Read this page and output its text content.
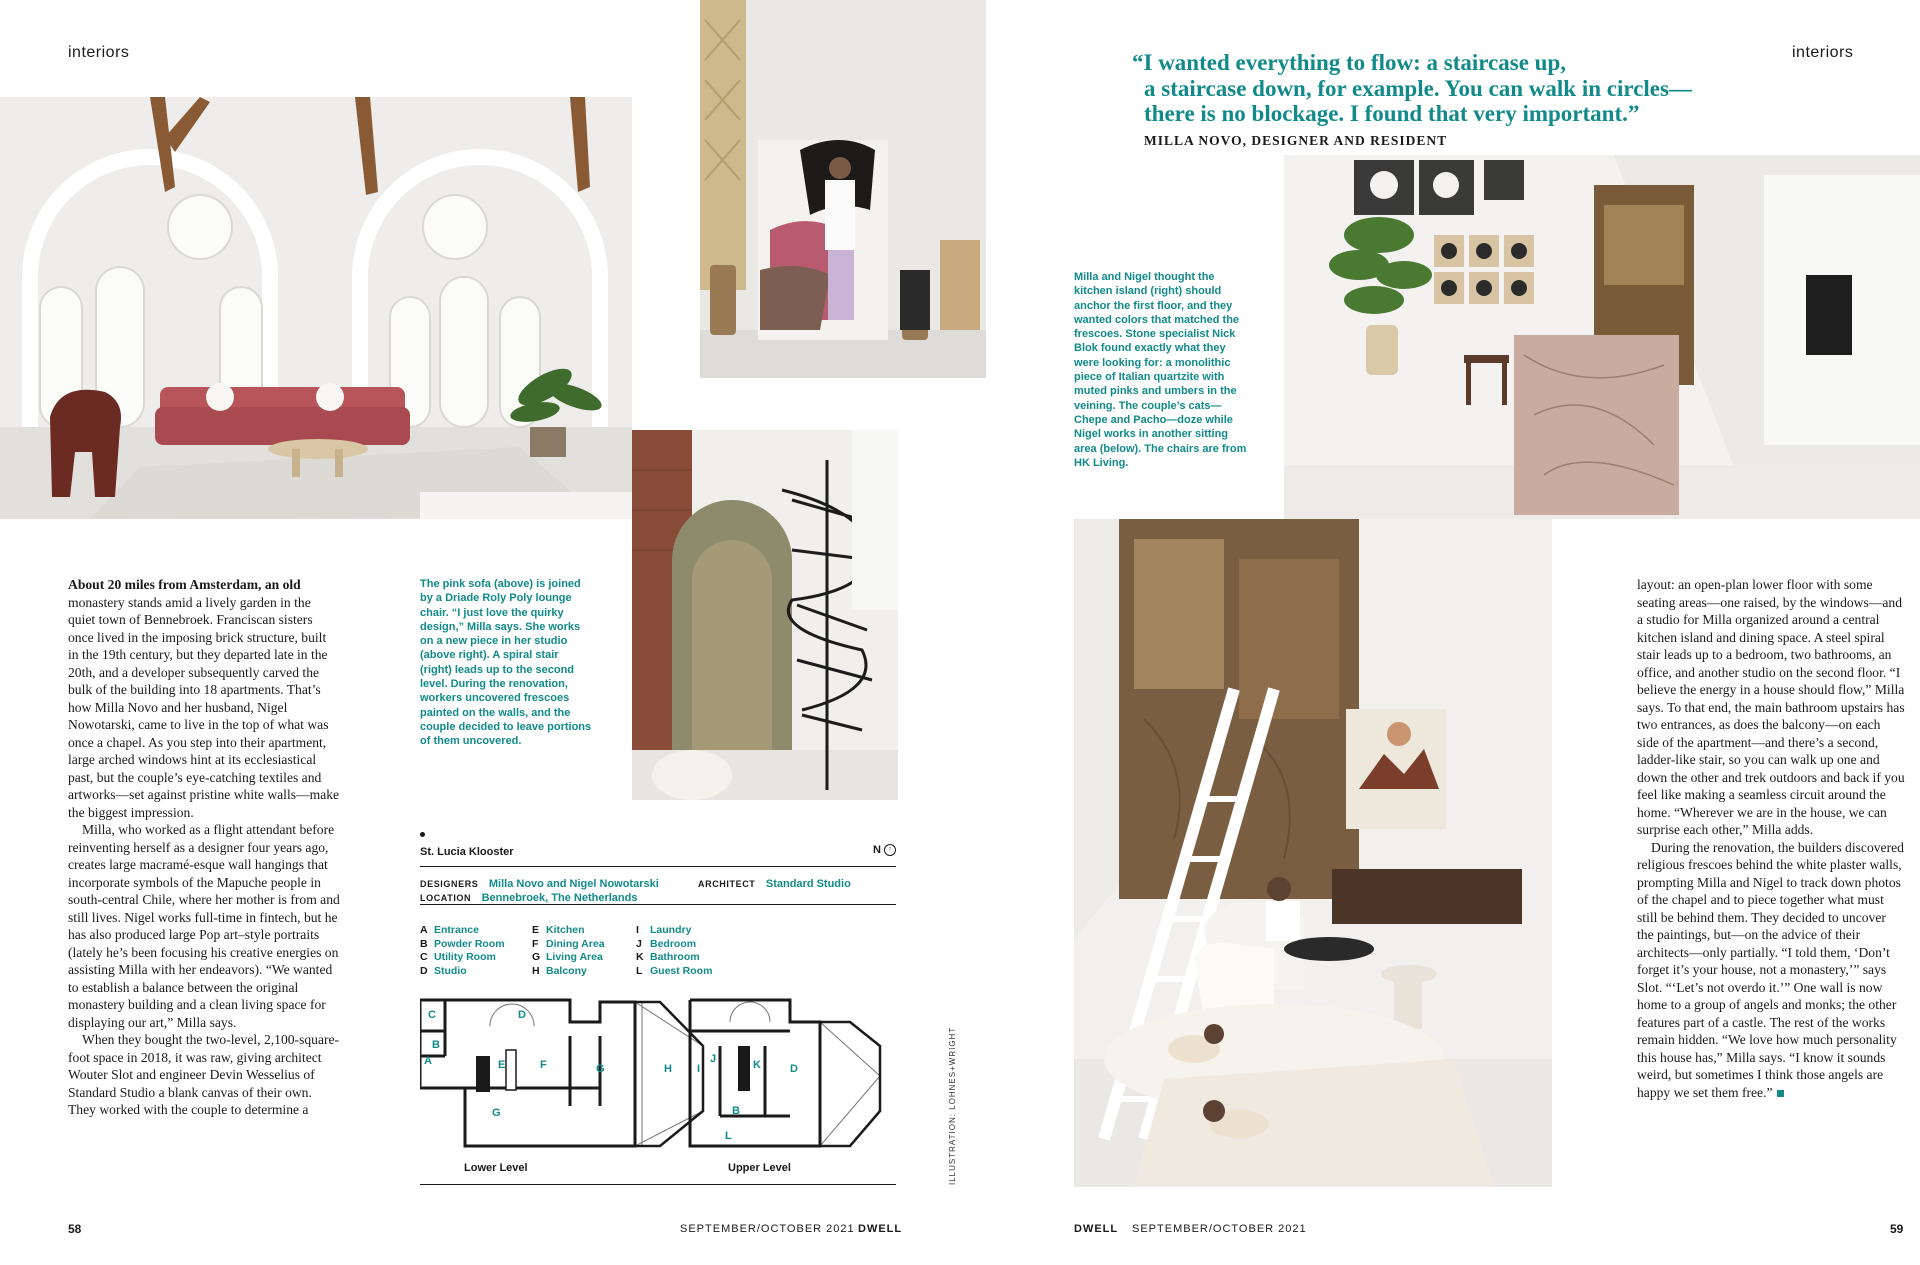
interiors

About 20 miles from Amsterdam, an old monastery stands amid a lively garden in the quiet town of Bennebroek. Franciscan sisters once lived in the imposing brick structure, built in the 19th century, but they departed late in the 20th, and a developer subsequently carved the bulk of the building into 18 apartments. That’s how Milla Novo and her husband, Nigel Nowotarski, came to live in the top of what was once a chapel. As you step into their apartment, large arched windows hint at its ecclesiastical past, but the couple’s eye-catching textiles and artworks—set against pristine white walls—make the biggest impression.

Milla, who worked as a flight attendant before reinventing herself as a designer four years ago, creates large macramé-esque wall hangings that incorporate symbols of the Mapuche people in south-central Chile, where her mother is from and still lives. Nigel works full-time in fintech, but he has also produced large Pop art–style portraits (lately he’s been focusing his creative energies on assisting Milla with her endeavors). “We wanted to establish a balance between the original monastery building and a clean living space for displaying our art,” Milla says.

When they bought the two-level, 2,100-square-foot space in 2018, it was raw, giving architect Wouter Slot and engineer Devin Wesselius of Standard Studio a blank canvas of their own. They worked with the couple to determine a

The pink sofa (above) is joined by a Driade Roly Poly lounge chair. “I just love the quirky design,” Milla says. She works on a new piece in her studio (above right). A spiral stair (right) leads up to the second level. During the renovation, workers uncovered frescoes painted on the walls, and the couple decided to leave portions of them uncovered.
St. Lucia Klooster	N	↑
DESIGNERS Milla Novo and Nigel Nowotarski	ARCHITECT Standard Studio
LOCATION Bennebroek, The Netherlands
A Entrance
B Powder Room
C Utility Room
D Studio
E Kitchen
F Dining Area
G Living Area
H Balcony
I Laundry
J Bedroom
K Bathroom
L Guest Room
C	D
B
A	E	F	G
G
H I
J	K	D
B
L
Lower Level	Upper Level	ILLUSTRATION: LOHNES+WRIGHT
58	SEPTEMBER/OCTOBER 2021 DWELL
interiors
“I wanted everything to flow: a staircase up,
a staircase down, for example. You can walk in circles—
there is no blockage. I found that very important.”
MILLA NOVO, DESIGNER AND RESIDENT
Milla and Nigel thought the kitchen island (right) should anchor the first floor, and they wanted colors that matched the frescoes. Stone specialist Nick Blok found exactly what they were looking for: a monolithic piece of Italian quartzite with muted pinks and umbers in the veining. The couple’s cats—Chepe and Pacho—doze while Nigel works in another sitting area (below). The chairs are from HK Living.

layout: an open-plan lower floor with some seating areas—one raised, by the windows—and a studio for Milla organized around a central kitchen island and dining space. A steel spiral stair leads up to a bedroom, two bathrooms, an office, and another studio on the second floor. “I believe the energy in a house should flow,” Milla says. To that end, the main bathroom upstairs has two entrances, as does the balcony—on each side of the apartment—and there’s a second, ladder-like stair, so you can walk up one and down the other and trek outdoors and back if you feel like making a seamless circuit around the home. “Wherever we are in the house, we can surprise each other,” Milla adds.

During the renovation, the builders discovered religious frescoes behind the white plaster walls, prompting Milla and Nigel to track down photos of the chapel and to piece together what must still be behind them. They decided to uncover the paintings, but—on the advice of their architects—only partially. “I told them, ‘Don’t forget it’s your house, not a monastery,’” says Slot. “‘Let’s not overdo it.’” One wall is now home to a group of angels and monks; the other features part of a castle. The rest of the works remain hidden. “We love how much personality this house has,” Milla says. “I know it sounds weird, but sometimes I think those angels are happy we set them free.”

DWELL SEPTEMBER/OCTOBER 2021	59
